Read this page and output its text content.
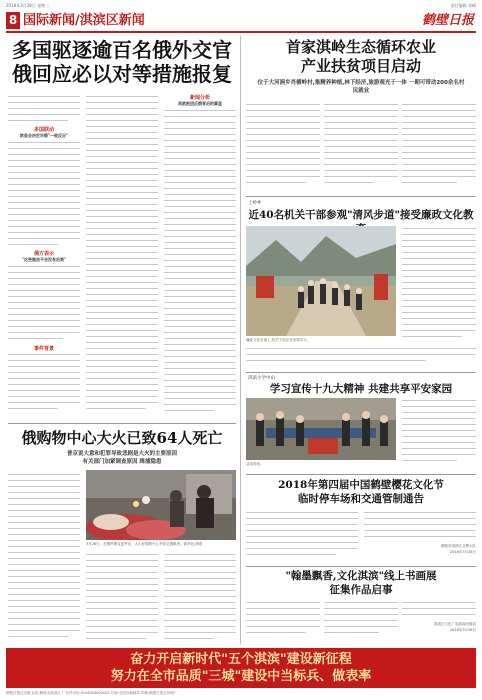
2018年3月28日 星期三	责任编辑 刘峰
8 国际新闻/淇滨区新闻	鹤壁日报
多国驱逐逾百名俄外交官
俄回应必以对等措施报复
多国联动
欧美会决定对俄"一致反应"
俄方表示
"这些做法不会没有后果"
事件背景
新闻分析
英欧抱团反俄背后的算盘
俄购物中心大火已致64人死亡
普京说大意和犯罪导致悲剧是大火的主要原因
有关部门加紧调查原因 缉捕隐患
3月26日，在俄罗斯克麦罗沃，人们在购物中心外悼念遇难者。新华社/美联
首家淇岭生态循环农业
产业扶贫项目启动
位于大河涧乡肖横岭村,集精养种植,林下经济,旅游观光于一体 一期可带动200余名村民就业
上岭乡
近40名机关干部参观"清风步道"接受廉政文化教
廉政文化步道上,机关干部正在参观学习。
淇滨小学中山
学习宣传十九大精神 共建共享平安家园
活动现场。
2018年第四届中国鹤壁樱花文化节
临时停车场和交通管制通告
鹤壁市淇滨区交警大队
2018年3月26日
"翰墨飘香,文化淇滨"线上书画展
征集作品启事
淇滨区文化广电新闻出版局
2018年3月26日
奋力开启新时代"五个淇滨"建设新征程
努力在全市品质"三城"建设中当标兵、做表率
鹤壁日报社出版 社址:鹤壁市淇滨区 广告许可证:4106004000002 订阅:全国各地邮局 印刷:鹤壁日报社印刷厂
